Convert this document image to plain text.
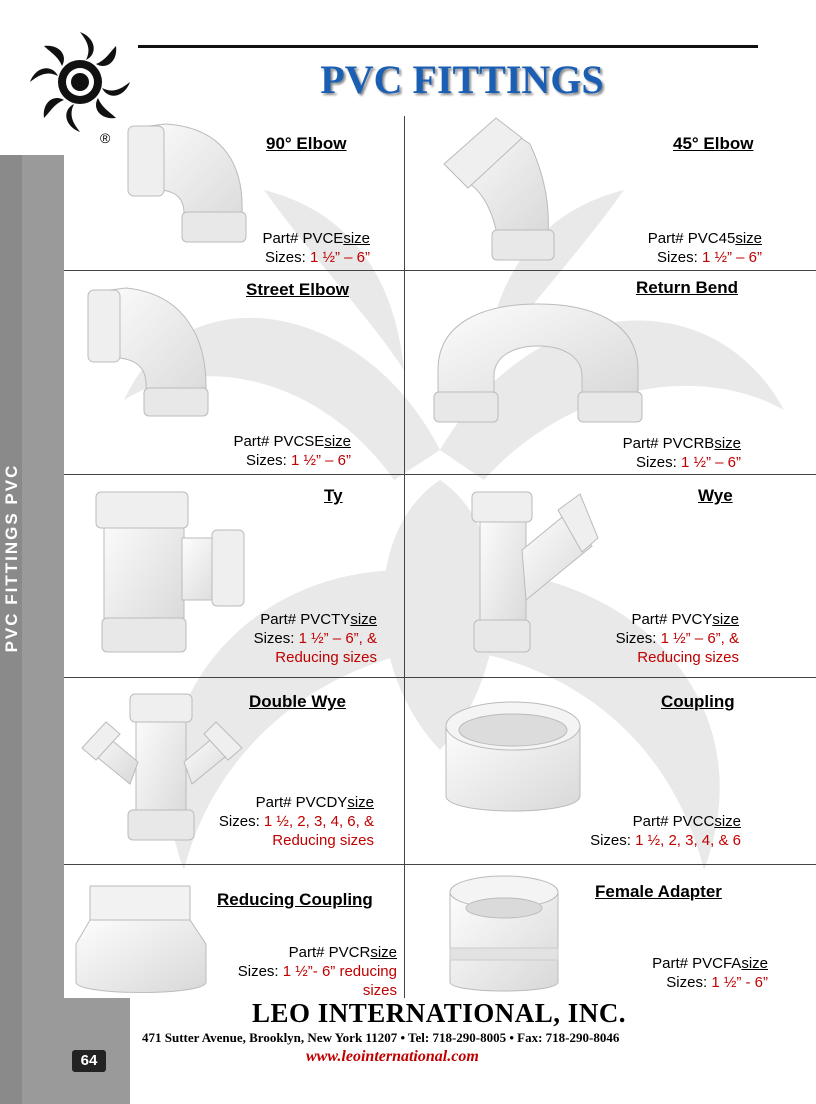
PVC FITTINGS PVC
®
PVC FITTINGS
90° Elbow
Part# PVCEsize
Sizes: 1 ½” – 6”
45° Elbow
Part# PVC45size
Sizes: 1 ½” – 6”
Street Elbow
Part# PVCSEsize
Sizes: 1 ½” – 6”
Return Bend
Part# PVCRBsize
Sizes: 1 ½” – 6”
Ty
Part# PVCTYsize
Sizes: 1 ½” – 6”, &
Reducing sizes
Wye
Part# PVCYsize
Sizes: 1 ½” – 6”, &
Reducing sizes
Double Wye
Part# PVCDYsize
Sizes: 1 ½, 2, 3, 4, 6, &
Reducing sizes
Coupling
Part# PVCCsize
Sizes: 1 ½, 2, 3, 4, & 6
Reducing Coupling
Part# PVCRsize
Sizes: 1 ½”- 6” reducing
sizes
Female Adapter
Part# PVCFAsize
Sizes: 1 ½” - 6”
LEO INTERNATIONAL, INC.
471 Sutter Avenue, Brooklyn, New York 11207 • Tel: 718-290-8005 • Fax: 718-290-8046
www.leointernational.com
64
